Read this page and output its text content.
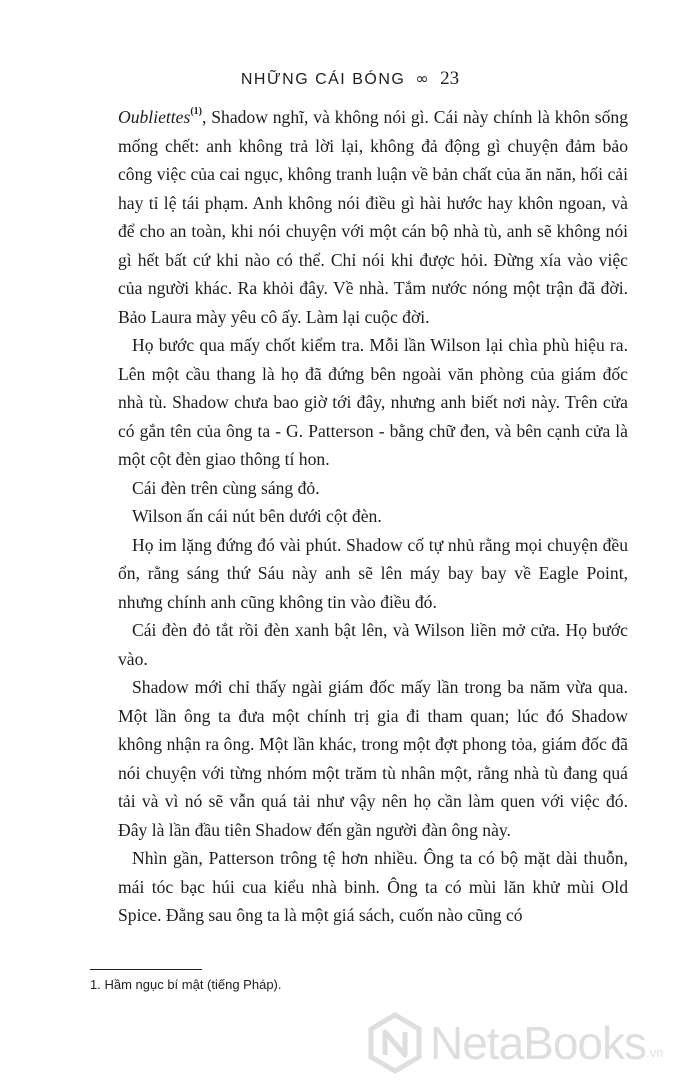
NHỮNG CÁI BÓNG ∞ 23

Oubliettes$^{(1)}$, Shadow nghĩ, và không nói gì. Cái này chính là khôn sống mống chết: anh không trả lời lại, không đả động gì chuyện đảm bảo công việc của cai ngục, không tranh luận về bản chất của ăn năn, hối cải hay tỉ lệ tái phạm. Anh không nói điều gì hài hước hay khôn ngoan, và để cho an toàn, khi nói chuyện với một cán bộ nhà tù, anh sẽ không nói gì hết bất cứ khi nào có thể. Chỉ nói khi được hỏi. Đừng xía vào việc của người khác. Ra khỏi đây. Về nhà. Tắm nước nóng một trận đã đời. Bảo Laura mày yêu cô ấy. Làm lại cuộc đời.

Họ bước qua mấy chốt kiểm tra. Mỗi lần Wilson lại chìa phù hiệu ra. Lên một cầu thang là họ đã đứng bên ngoài văn phòng của giám đốc nhà tù. Shadow chưa bao giờ tới đây, nhưng anh biết nơi này. Trên cửa có gắn tên của ông ta - G. Patterson - bằng chữ đen, và bên cạnh cửa là một cột đèn giao thông tí hon.

Cái đèn trên cùng sáng đỏ.

Wilson ấn cái nút bên dưới cột đèn.

Họ im lặng đứng đó vài phút. Shadow cố tự nhủ rằng mọi chuyện đều ổn, rằng sáng thứ Sáu này anh sẽ lên máy bay bay về Eagle Point, nhưng chính anh cũng không tin vào điều đó.

Cái đèn đỏ tắt rồi đèn xanh bật lên, và Wilson liền mở cửa. Họ bước vào.

Shadow mới chỉ thấy ngài giám đốc mấy lần trong ba năm vừa qua. Một lần ông ta đưa một chính trị gia đi tham quan; lúc đó Shadow không nhận ra ông. Một lần khác, trong một đợt phong tỏa, giám đốc đã nói chuyện với từng nhóm một trăm tù nhân một, rằng nhà tù đang quá tải và vì nó sẽ vẫn quá tải như vậy nên họ cần làm quen với việc đó. Đây là lần đầu tiên Shadow đến gần người đàn ông này.

Nhìn gần, Patterson trông tệ hơn nhiều. Ông ta có bộ mặt dài thuỗn, mái tóc bạc húi cua kiểu nhà binh. Ông ta có mùi lăn khử mùi Old Spice. Đằng sau ông ta là một giá sách, cuốn nào cũng có

1. Hầm ngục bí mật (tiếng Pháp).
NetaBooks .vn
